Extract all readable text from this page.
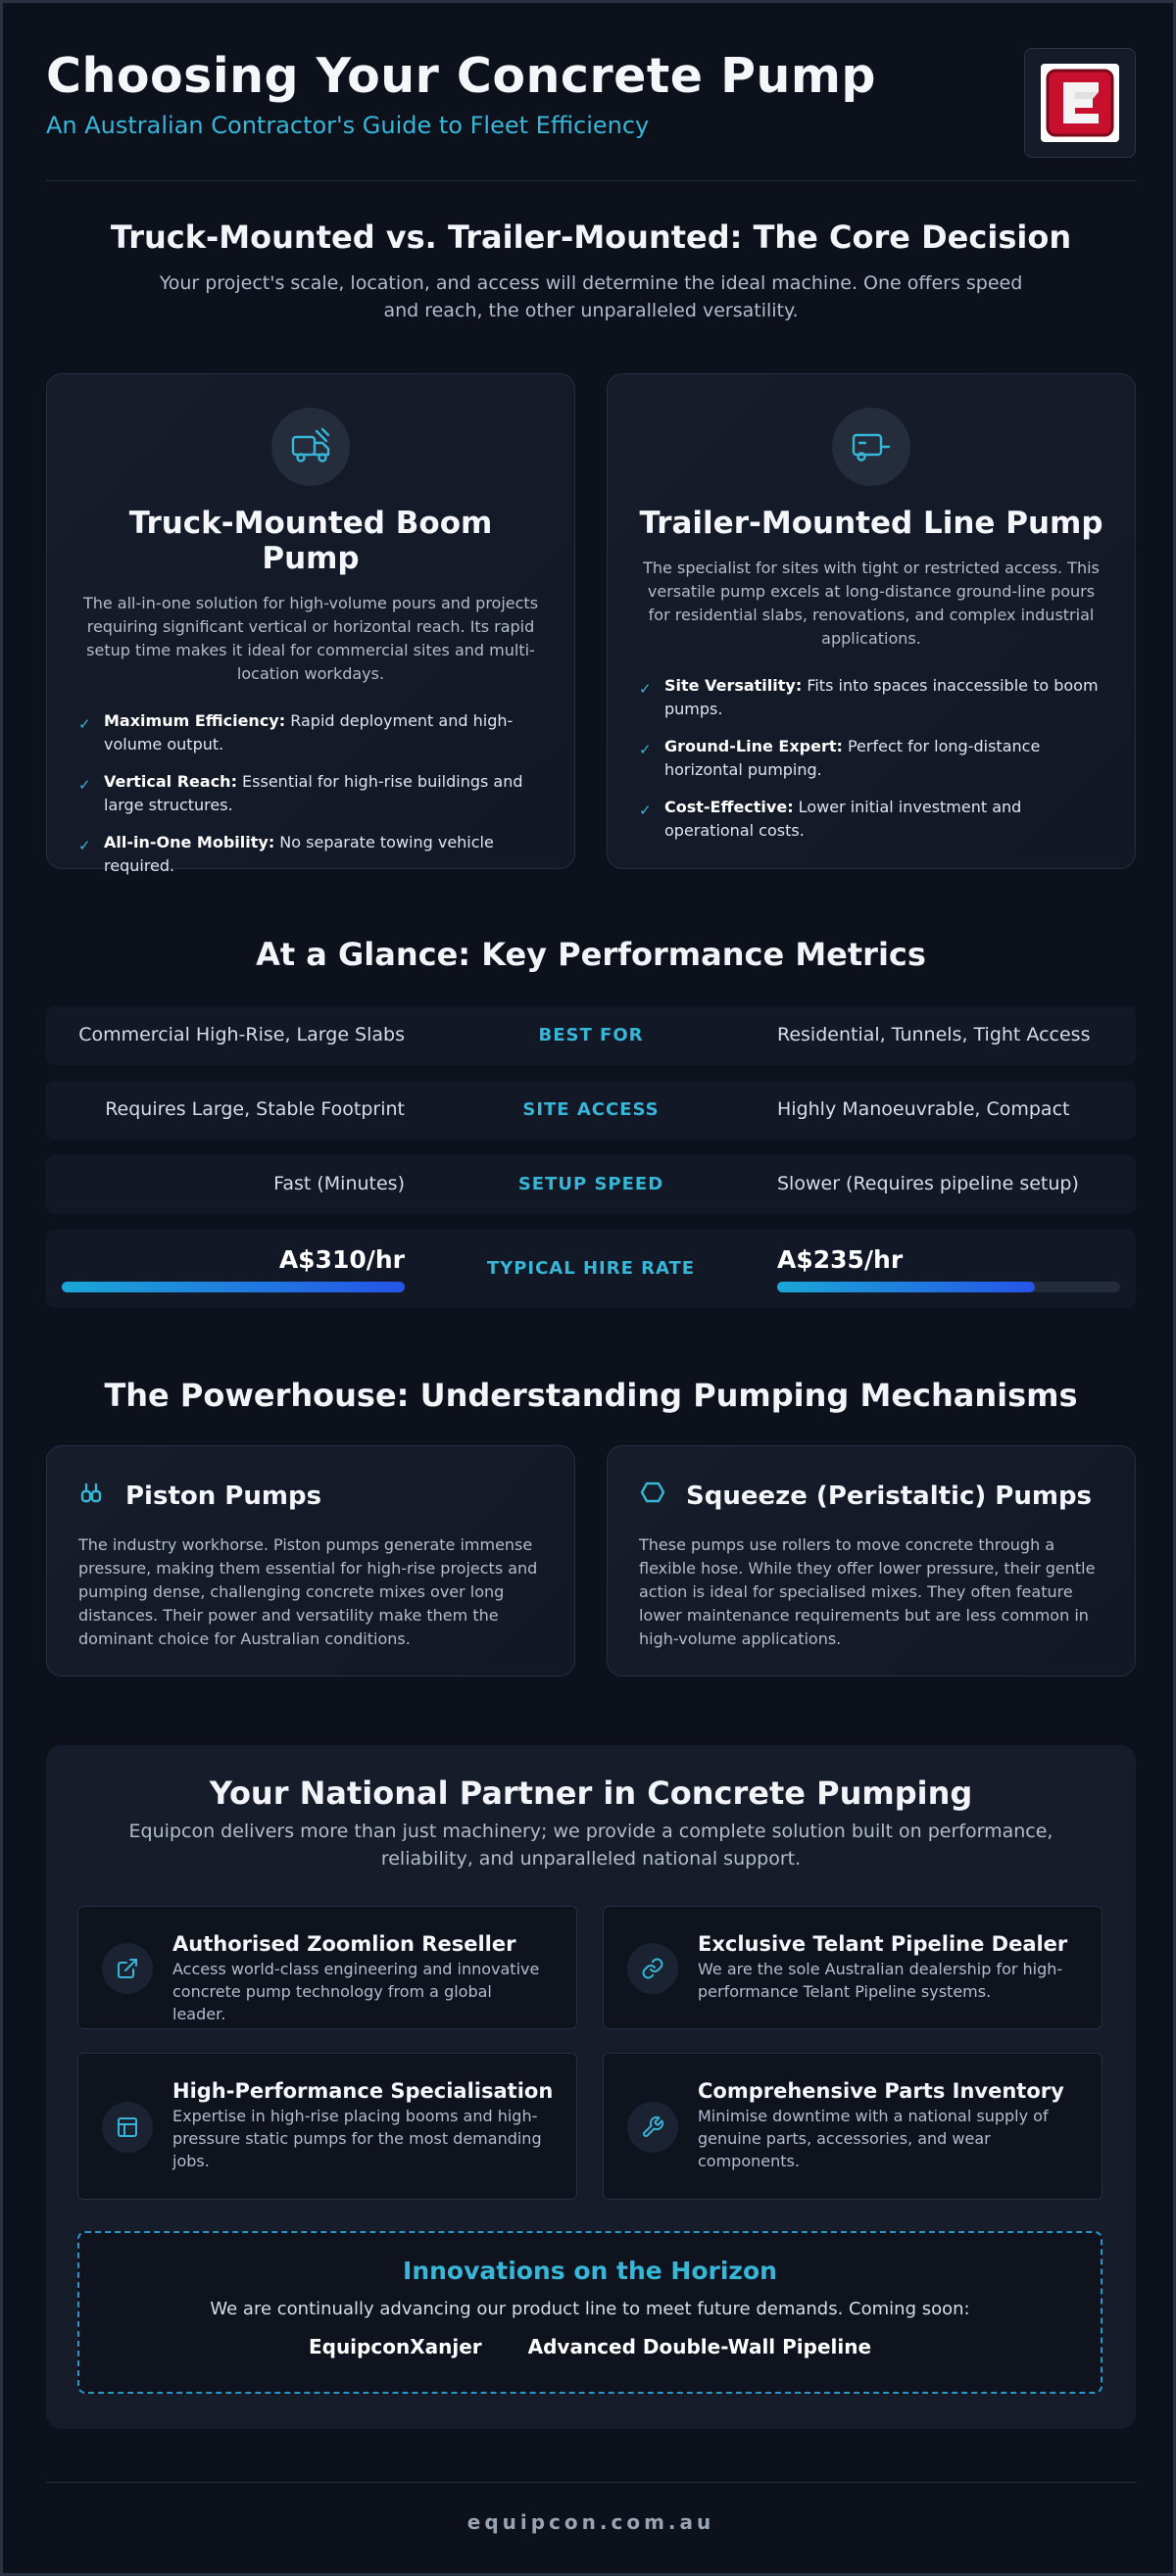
Choosing Your Concrete Pump
An Australian Contractor's Guide to Fleet Efficiency
Truck-Mounted vs. Trailer-Mounted: The Core Decision
Your project's scale, location, and access will determine the ideal machine. One offers speed and reach, the other unparalleled versatility.
Truck-Mounted Boom Pump
The all-in-one solution for high-volume pours and projects requiring significant vertical or horizontal reach. Its rapid setup time makes it ideal for commercial sites and multi-location workdays.
✓ Maximum Efficiency: Rapid deployment and high-volume output.
✓ Vertical Reach: Essential for high-rise buildings and large structures.
✓ All-in-One Mobility: No separate towing vehicle required.
Trailer-Mounted Line Pump
The specialist for sites with tight or restricted access. This versatile pump excels at long-distance ground-line pours for residential slabs, renovations, and complex industrial applications.
✓ Site Versatility: Fits into spaces inaccessible to boom pumps.
✓ Ground-Line Expert: Perfect for long-distance horizontal pumping.
✓ Cost-Effective: Lower initial investment and operational costs.
At a Glance: Key Performance Metrics
Commercial High-Rise, Large Slabs	BEST FOR	Residential, Tunnels, Tight Access
Requires Large, Stable Footprint	SITE ACCESS	Highly Manoeuvrable, Compact
Fast (Minutes)	SETUP SPEED	Slower (Requires pipeline setup)
A$310/hr	TYPICAL HIRE RATE	A$235/hr
The Powerhouse: Understanding Pumping Mechanisms
Piston Pumps
The industry workhorse. Piston pumps generate immense pressure, making them essential for high-rise projects and pumping dense, challenging concrete mixes over long distances. Their power and versatility make them the dominant choice for Australian conditions.
Squeeze (Peristaltic) Pumps
These pumps use rollers to move concrete through a flexible hose. While they offer lower pressure, their gentle action is ideal for specialised mixes. They often feature lower maintenance requirements but are less common in high-volume applications.
Your National Partner in Concrete Pumping
Equipcon delivers more than just machinery; we provide a complete solution built on performance, reliability, and unparalleled national support.
Authorised Zoomlion Reseller
Access world-class engineering and innovative concrete pump technology from a global leader.
Exclusive Telant Pipeline Dealer
We are the sole Australian dealership for high-performance Telant Pipeline systems.
High-Performance Specialisation
Expertise in high-rise placing booms and high-pressure static pumps for the most demanding jobs.
Comprehensive Parts Inventory
Minimise downtime with a national supply of genuine parts, accessories, and wear components.
Innovations on the Horizon
We are continually advancing our product line to meet future demands. Coming soon:
EquipconXanjer Advanced Double-Wall Pipeline
equipcon.com.au
